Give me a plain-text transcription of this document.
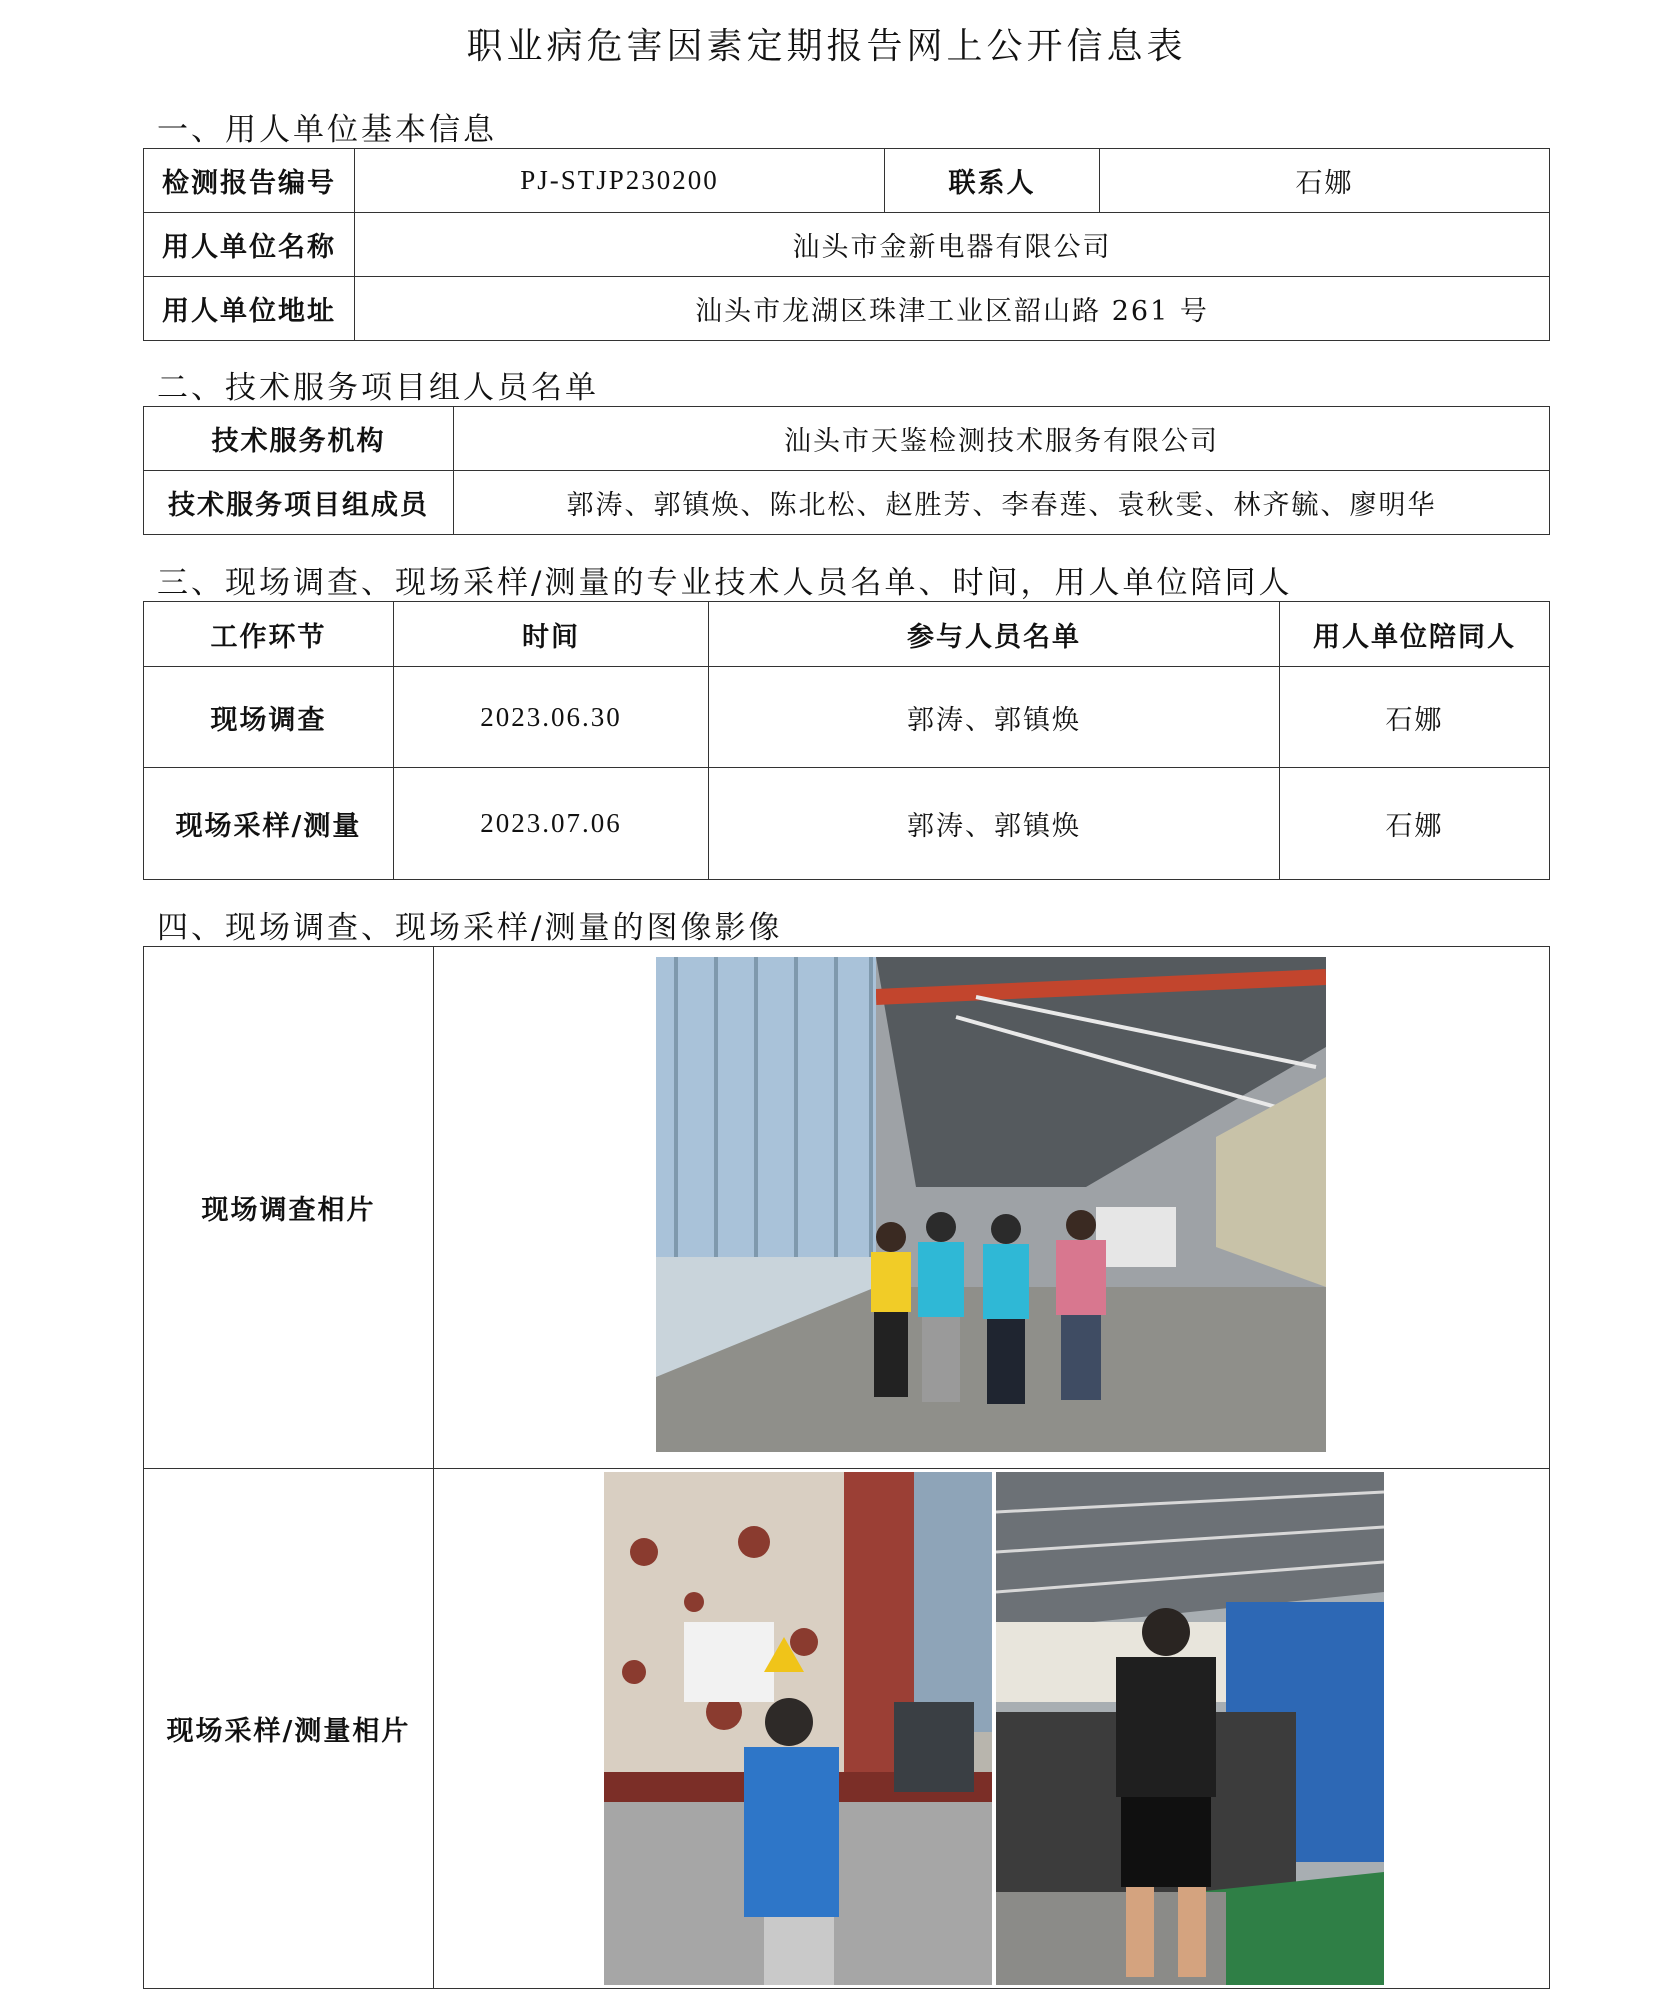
职业病危害因素定期报告网上公开信息表
一、用人单位基本信息
检测报告编号	PJ-STJP230200	联系人	石娜
用人单位名称	汕头市金新电器有限公司		
用人单位地址	汕头市龙湖区珠津工业区韶山路 261 号		
二、技术服务项目组人员名单
技术服务机构	汕头市天鉴检测技术服务有限公司
技术服务项目组成员	郭涛、郭镇焕、陈北松、赵胜芳、李春莲、袁秋雯、林齐毓、廖明华
三、现场调查、现场采样/测量的专业技术人员名单、时间，用人单位陪同人
工作环节	时间	参与人员名单	用人单位陪同人
现场调查	2023.06.30	郭涛、郭镇焕	石娜
现场采样/测量	2023.07.06	郭涛、郭镇焕	石娜
四、现场调查、现场采样/测量的图像影像
现场调查相片	

现场采样/测量相片	
